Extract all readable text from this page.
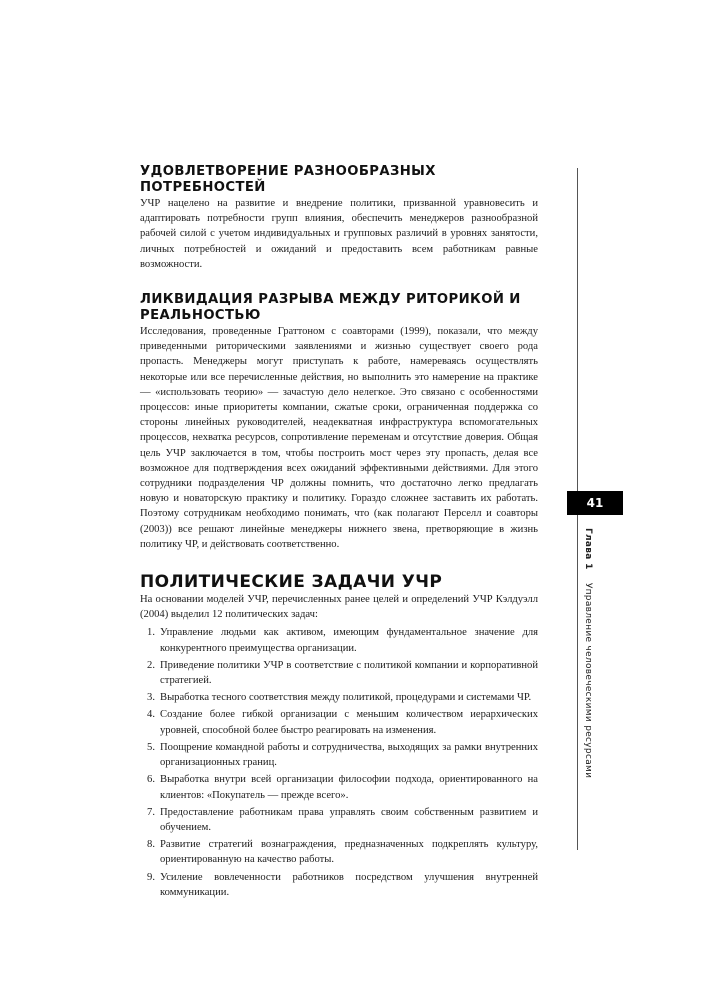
УДОВЛЕТВОРЕНИЕ РАЗНООБРАЗНЫХ ПОТРЕБНОСТЕЙ

УЧР нацелено на развитие и внедрение политики, призванной уравновесить и адаптировать потребности групп влияния, обеспечить менеджеров разнообразной рабочей силой с учетом индивидуальных и групповых различий в уровнях занятости, личных потребностей и ожиданий и предоставить всем работникам равные возможности.

ЛИКВИДАЦИЯ РАЗРЫВА МЕЖДУ РИТОРИКОЙ И РЕАЛЬНОСТЬЮ

Исследования, проведенные Граттоном с соавторами (1999), показали, что между приведенными риторическими заявлениями и жизнью существует своего рода пропасть. Менеджеры могут приступать к работе, намереваясь осуществлять некоторые или все перечисленные действия, но выполнить это намерение на практике — «использовать теорию» — зачастую дело нелегкое. Это связано с особенностями процессов: иные приоритеты компании, сжатые сроки, ограниченная поддержка со стороны линейных руководителей, неадекватная инфраструктура вспомогательных процессов, нехватка ресурсов, сопротивление переменам и отсутствие доверия. Общая цель УЧР заключается в том, чтобы построить мост через эту пропасть, делая все возможное для подтверждения всех ожиданий эффективными действиями. Для этого сотрудники подразделения ЧР должны помнить, что достаточно легко предлагать новую и новаторскую практику и политику. Гораздо сложнее заставить их работать. Поэтому сотрудникам необходимо понимать, что (как полагают Перселл и соавторы (2003)) все решают линейные менеджеры нижнего звена, претворяющие в жизнь политику ЧР, и действовать соответственно.

ПОЛИТИЧЕСКИЕ ЗАДАЧИ УЧР

На основании моделей УЧР, перечисленных ранее целей и определений УЧР Кэлдуэлл (2004) выделил 12 политических задач:

1. Управление людьми как активом, имеющим фундаментальное значение для конкурентного преимущества организации.
2. Приведение политики УЧР в соответствие с политикой компании и корпоративной стратегией.
3. Выработка тесного соответствия между политикой, процедурами и системами ЧР.
4. Создание более гибкой организации с меньшим количеством иерархических уровней, способной более быстро реагировать на изменения.
5. Поощрение командной работы и сотрудничества, выходящих за рамки внутренних организационных границ.
6. Выработка внутри всей организации философии подхода, ориентированного на клиентов: «Покупатель — прежде всего».
7. Предоставление работникам права управлять своим собственным развитием и обучением.
8. Развитие стратегий вознаграждения, предназначенных подкреплять культуру, ориентированную на качество работы.
9. Усиление вовлеченности работников посредством улучшения внутренней коммуникации.
41
Глава 1 Управление человеческими ресурсами
